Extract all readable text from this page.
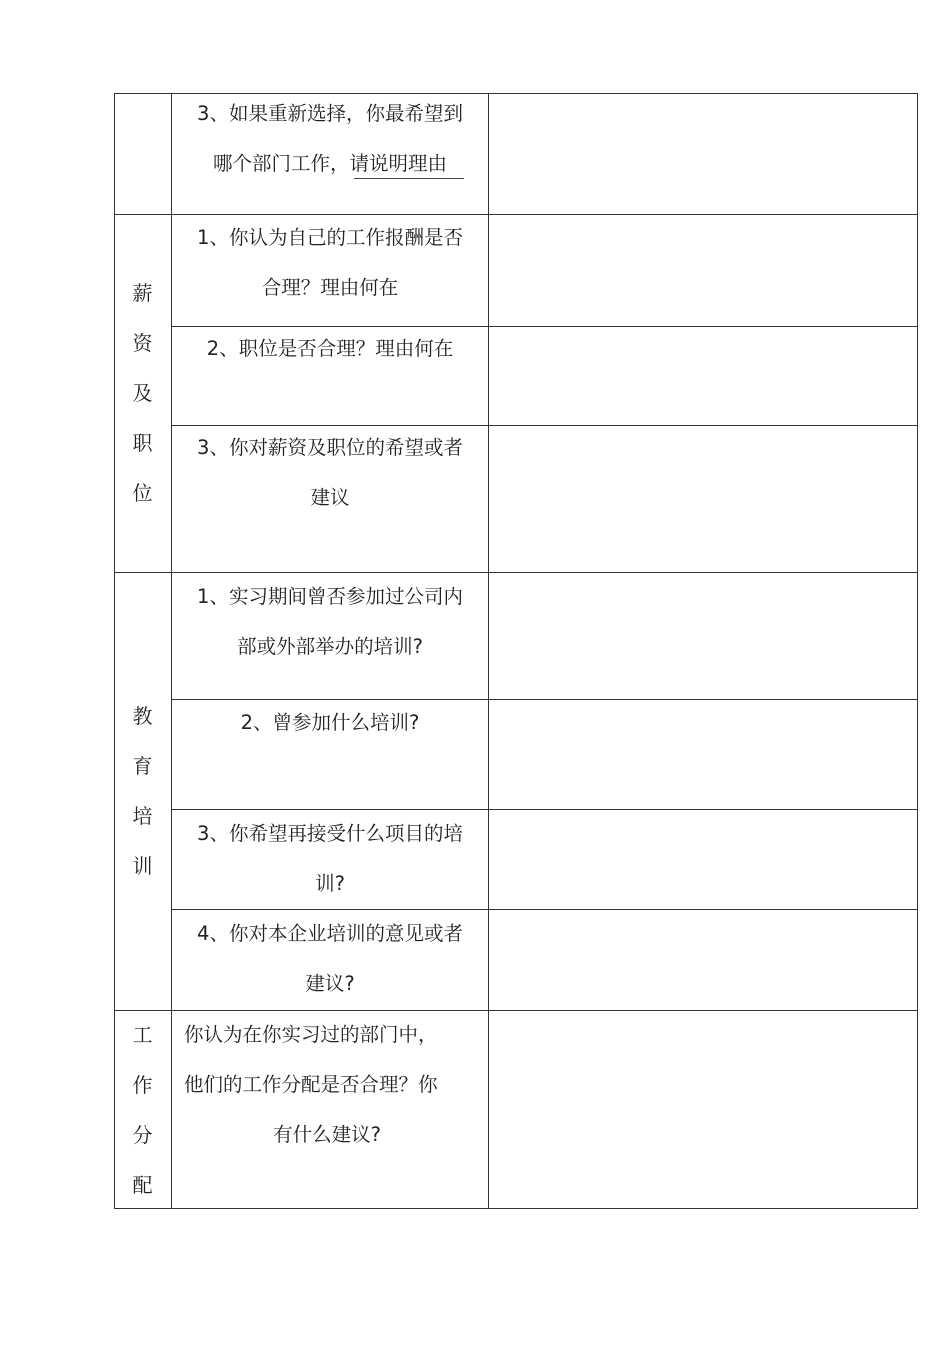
3、如果重新选择，你最希望到
哪个部门工作，请说明理由
薪
资
及
职
位
1、你认为自己的工作报酬是否
合理？理由何在
2、职位是否合理？理由何在
3、你对薪资及职位的希望或者
建议
教
育
培
训
1、实习期间曾否参加过公司内
部或外部举办的培训?
2、曾参加什么培训?
3、你希望再接受什么项目的培
训?
4、你对本企业培训的意见或者
建议?
工
作
分
配
你认为在你实习过的部门中，
他们的工作分配是否合理？你
有什么建议?
